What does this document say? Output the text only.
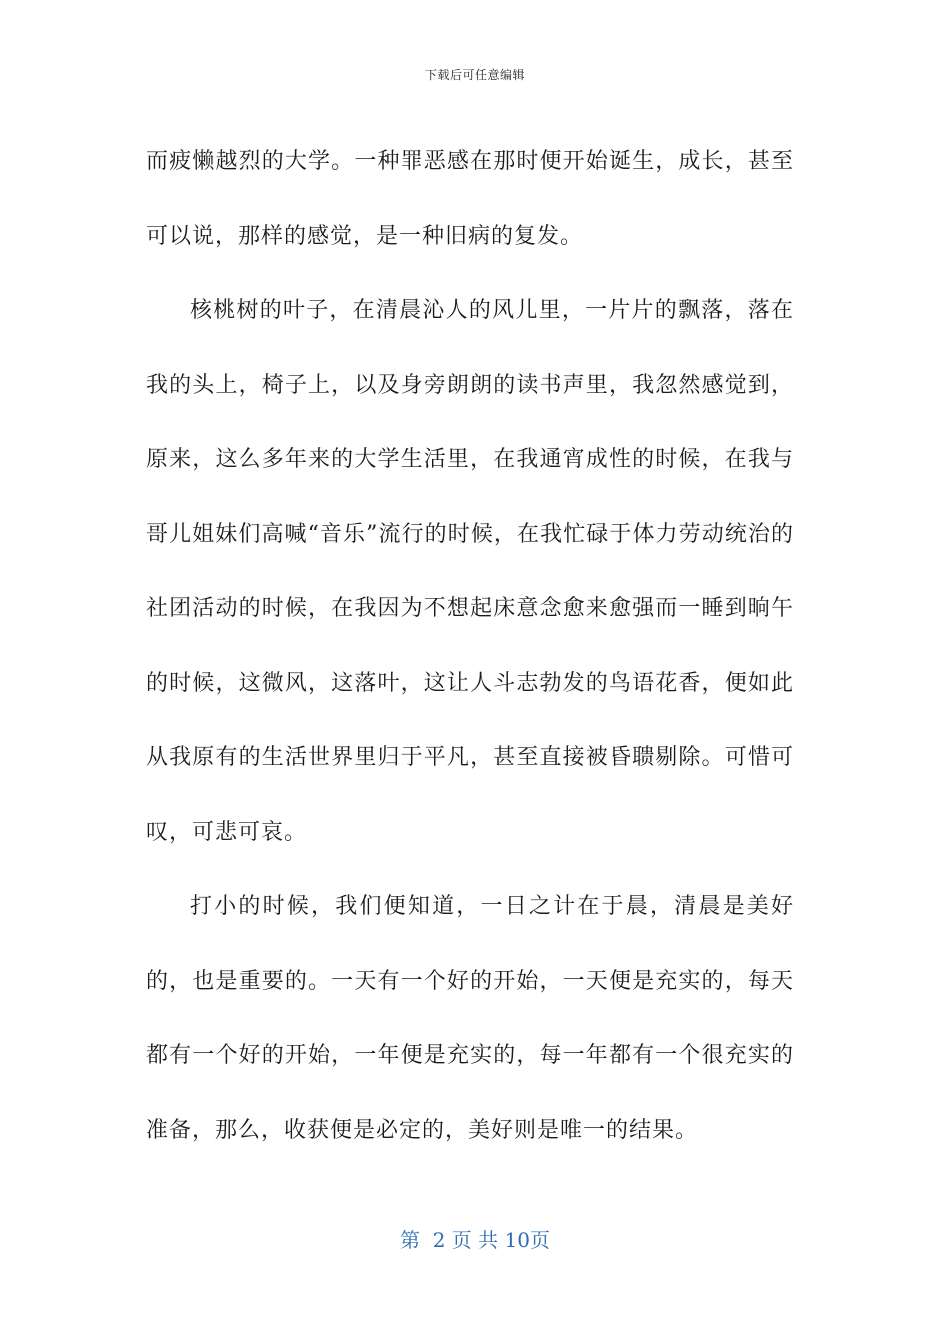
下载后可任意编辑

而疲懒越烈的大学。一种罪恶感在那时便开始诞生，成长，甚至可以说，那样的感觉，是一种旧病的复发。

核桃树的叶子，在清晨沁人的风儿里，一片片的飘落，落在我的头上，椅子上，以及身旁朗朗的读书声里，我忽然感觉到，原来，这么多年来的大学生活里，在我通宵成性的时候，在我与哥儿姐妹们高喊“音乐”流行的时候，在我忙碌于体力劳动统治的社团活动的时候，在我因为不想起床意念愈来愈强而一睡到晌午的时候，这微风，这落叶，这让人斗志勃发的鸟语花香，便如此从我原有的生活世界里归于平凡，甚至直接被昏聩剔除。可惜可叹，可悲可哀。

打小的时候，我们便知道，一日之计在于晨，清晨是美好的，也是重要的。一天有一个好的开始，一天便是充实的，每天都有一个好的开始，一年便是充实的，每一年都有一个很充实的准备，那么，收获便是必定的，美好则是唯一的结果。

第  2 页 共 10页
